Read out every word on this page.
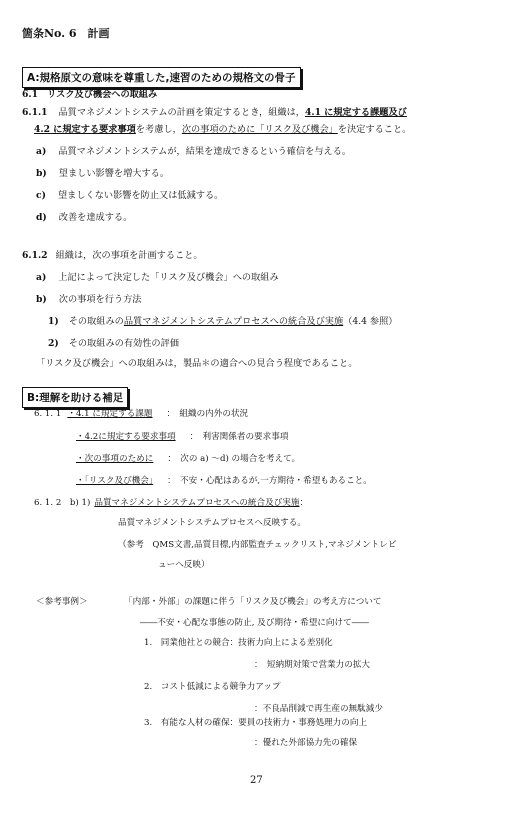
箇条No. 6　計画
A:規格原文の意味を尊重した,速習のための規格文の骨子
6.1　リスク及び機会への取組み
6.1.1 品質マネジメントシステムの計画を策定するとき，組織は，4.1 に規定する課題及び
4.2 に規定する要求事項を考慮し，次の事項のために「リスク及び機会」を決定すること。
a) 品質マネジメントシステムが，結果を達成できるという確信を与える。
b) 望ましい影響を増大する。
c) 望ましくない影響を防止又は低減する。
d) 改善を達成する。
6.1.2 組織は，次の事項を計画すること。
a) 上記によって決定した「リスク及び機会」への取組み
b) 次の事項を行う方法
1) その取組みの品質マネジメントシステムプロセスへの統合及び実施（4.4 参照）
2) その取組みの有効性の評価
「リスク及び機会」への取組みは，製品＊の適合への見合う程度であること。
B:理解を助ける補足
6. 1. 1 ・4.1 に規定する課題 ：　組織の内外の状況
・4.2に規定する要求事項 ：　利害関係者の要求事項
・次の事項のために ：　次の a) ～d) の場合を考えて。
・「リスク及び機会」 ：　不安・心配はあるが,一方期待・希望もあること。
6. 1. 2　b) 1) 品質マネジメントシステムプロセスへの統合及び実施：
品質マネジメントシステムプロセスへ反映する。
（参考　QMS文書,品質目標,内部監査チェックリスト,マネジメントレビ
ューへ反映）
＜参考事例＞	「内部・外部」の課題に伴う「リスク及び機会」の考え方について
――不安・心配な事態の防止, 及び期待・希望に向けて――
1.　同業他社との競合：技術力向上による差別化
：　短納期対策で営業力の拡大
2.　コスト低減による競争力アップ
：不良品削減で再生産の無駄減少
3.　有能な人材の確保：要員の技術力・事務処理力の向上
：優れた外部協力先の確保
27
